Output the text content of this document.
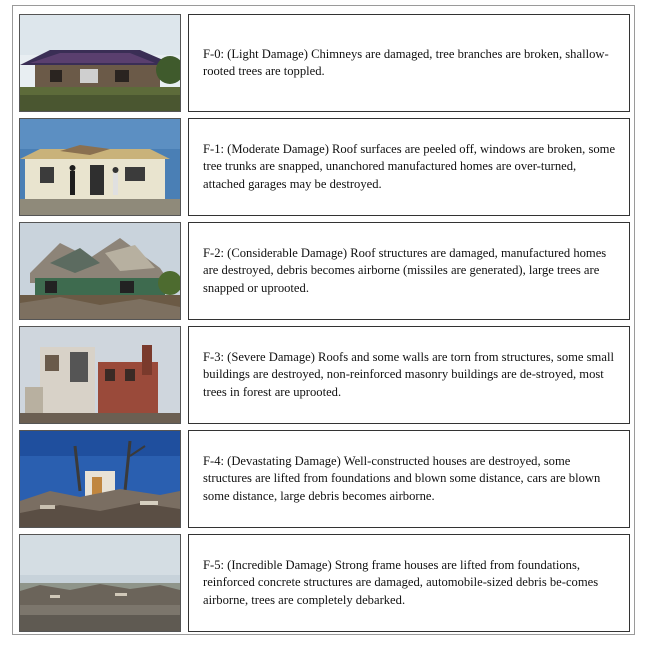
F-0: (Light Damage) Chimneys are damaged, tree branches are broken, shallow-rooted trees are toppled.

F-1: (Moderate Damage) Roof surfaces are peeled off, windows are broken, some tree trunks are snapped, unanchored manufactured homes are over-turned, attached garages may be destroyed.

F-2: (Considerable Damage) Roof structures are damaged, manufactured homes are destroyed, debris becomes airborne (missiles are generated), large trees are snapped or uprooted.

F-3: (Severe Damage) Roofs and some walls are torn from structures, some small buildings are destroyed, non-reinforced masonry buildings are de-stroyed, most trees in forest are uprooted.

F-4: (Devastating Damage) Well-constructed houses are destroyed, some structures are lifted from foundations and blown some distance, cars are blown some distance, large debris becomes airborne.

F-5: (Incredible Damage) Strong frame houses are lifted from foundations, reinforced concrete structures are damaged, automobile-sized debris be-comes airborne, trees are completely debarked.
